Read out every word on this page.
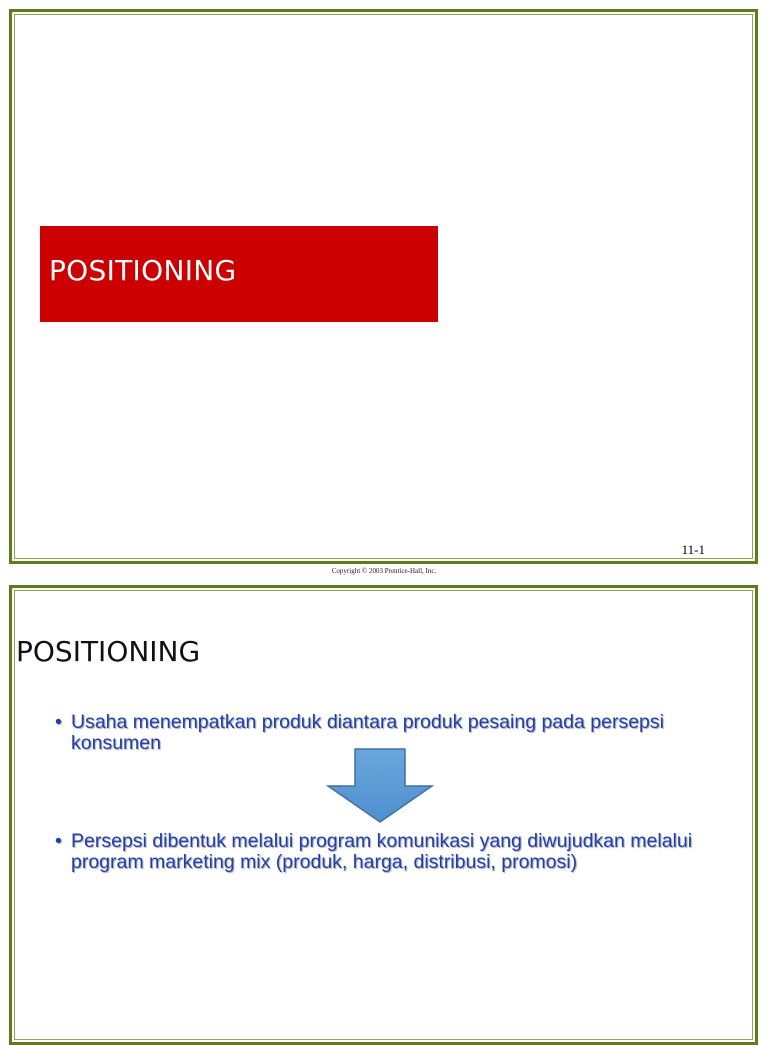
POSITIONING
11-1
Copyright © 2003 Prentice-Hall, Inc.
POSITIONING
• Usaha menempatkan produk diantara produk pesaing pada persepsi konsumen
• Persepsi dibentuk melalui program komunikasi yang diwujudkan melalui program marketing mix (produk, harga, distribusi, promosi)
